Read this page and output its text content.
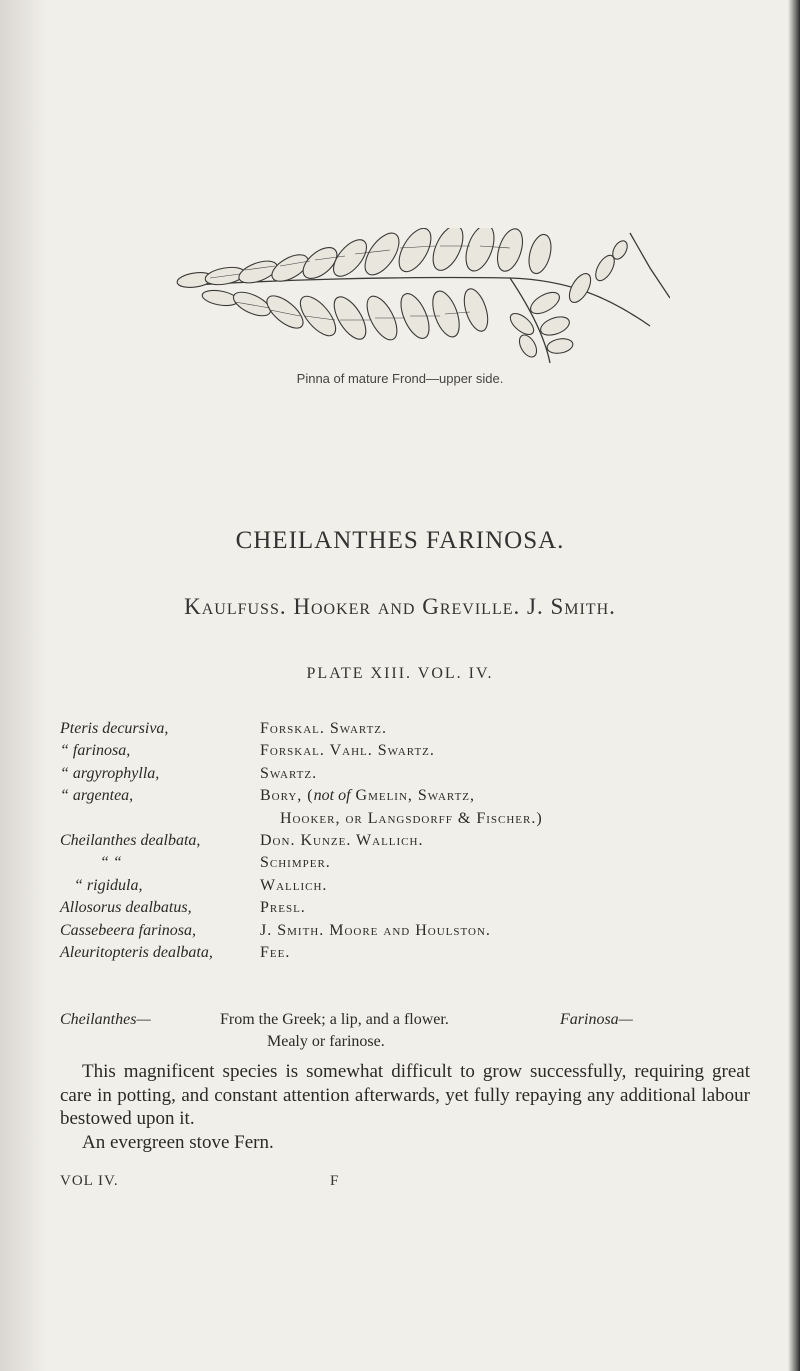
Pinna of mature Frond—upper side.
CHEILANTHES FARINOSA.
Kaulfuss. Hooker and Greville. J. Smith.
PLATE XIII. VOL. IV.
Pteris decursiva,	Forskal. Swartz.
“ farinosa,	Forskal. Vahl. Swartz.
“ argyrophylla,	Swartz.
“ argentea,	Bory, (not of Gmelin, Swartz,
Hooker, or Langsdorff & Fischer.)
Cheilanthes dealbata,	Don. Kunze. Wallich.
“ “	Schimper.
“ rigidula,	Wallich.
Allosorus dealbatus,	Presl.
Cassebeera farinosa,	J. Smith. Moore and Houlston.
Aleuritopteris dealbata,	Fee.
Cheilanthes—	From the Greek; a lip, and a flower.	Farinosa—
Mealy or farinose.

This magnificent species is somewhat difficult to grow successfully, requiring great care in potting, and constant attention afterwards, yet fully repaying any additional labour bestowed upon it.

An evergreen stove Fern.

VOL IV.	F
